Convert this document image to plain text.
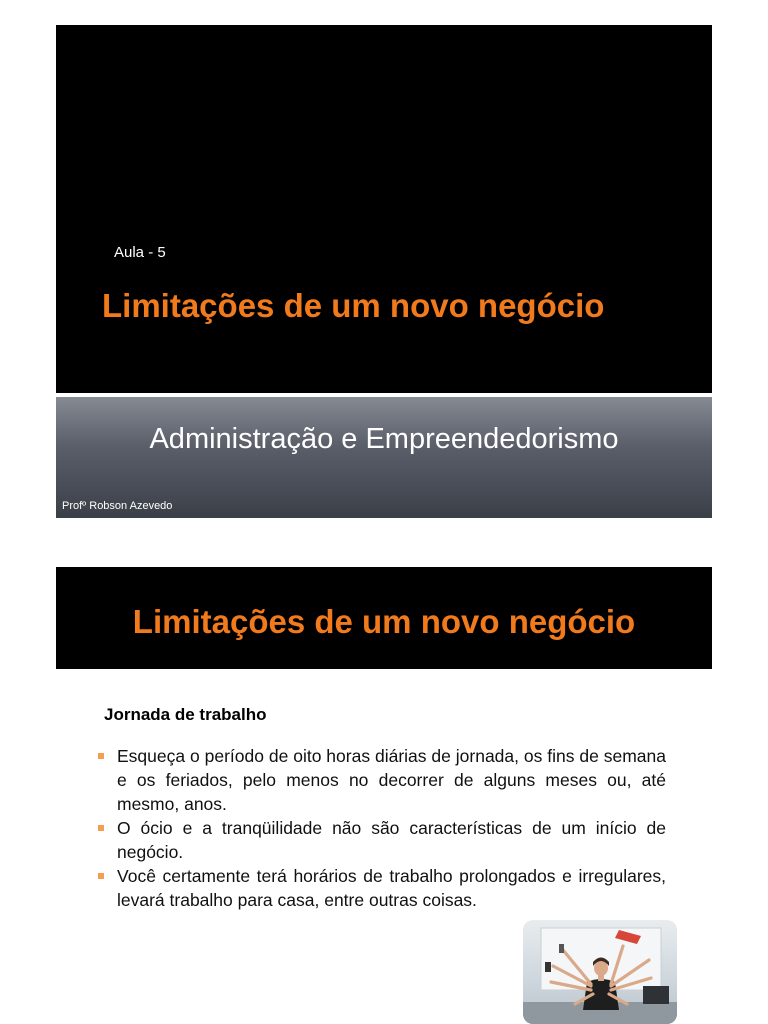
Aula - 5
Limitações de um novo negócio
Administração e Empreendedorismo
Profº Robson Azevedo
Limitações de um novo negócio
Jornada de trabalho
Esqueça o período de oito horas diárias de jornada, os fins de semana e os feriados, pelo menos no decorrer de alguns meses ou, até mesmo, anos.
O ócio e a tranqüilidade não são características de um início de negócio.
Você certamente terá horários de trabalho prolongados e irregulares, levará trabalho para casa, entre outras coisas.
